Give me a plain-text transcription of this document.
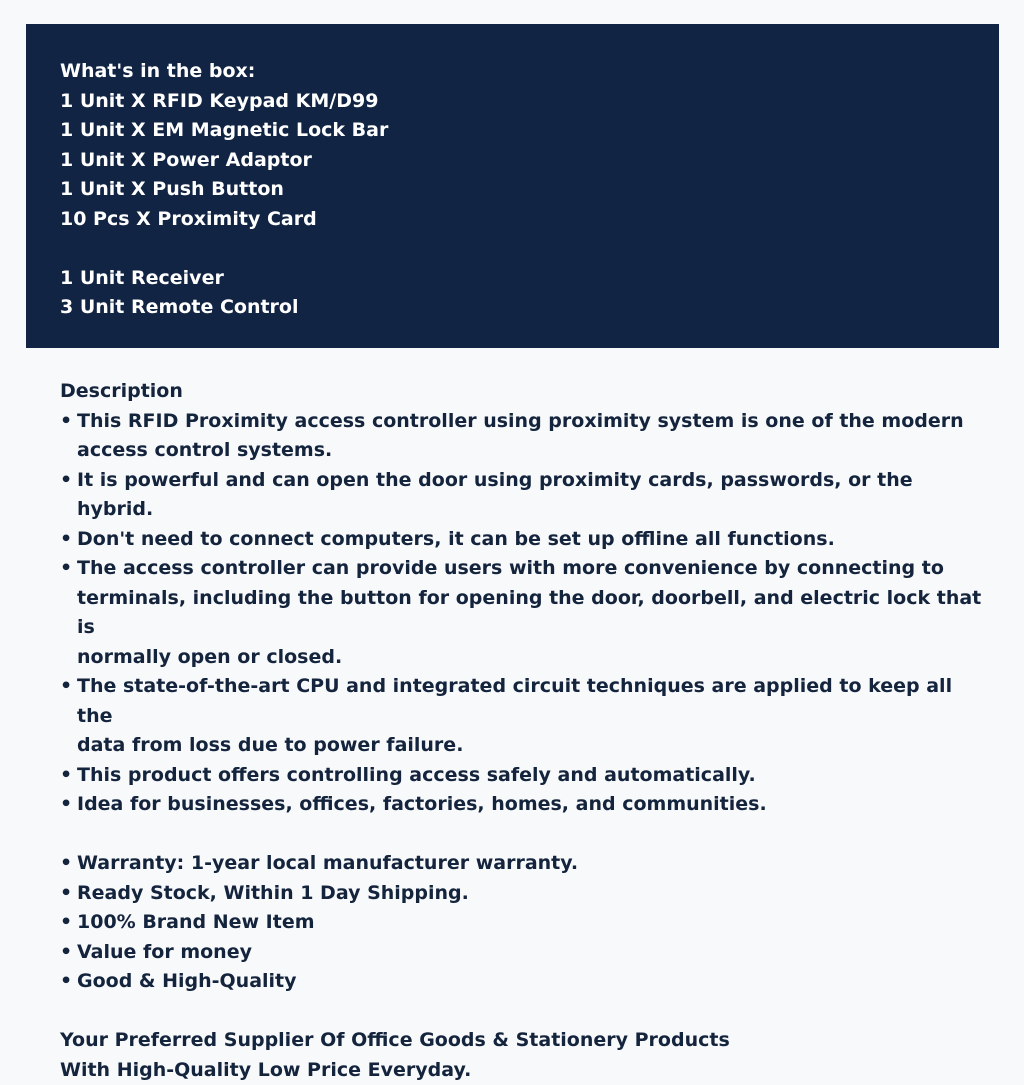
What's in the box:
1 Unit X RFID Keypad KM/D99
1 Unit X EM Magnetic Lock Bar
1 Unit X Power Adaptor
1 Unit X Push Button
10 Pcs X Proximity Card
1 Unit Receiver
3 Unit Remote Control
Description
• This RFID Proximity access controller using proximity system is one of the modern
access control systems.
• It is powerful and can open the door using proximity cards, passwords, or the hybrid.
• Don't need to connect computers, it can be set up offline all functions.
• The access controller can provide users with more convenience by connecting to
terminals, including the button for opening the door, doorbell, and electric lock that is
normally open or closed.
• The state-of-the-art CPU and integrated circuit techniques are applied to keep all the
data from loss due to power failure.
• This product offers controlling access safely and automatically.
• Idea for businesses, offices, factories, homes, and communities.
• Warranty: 1-year local manufacturer warranty.
• Ready Stock, Within 1 Day Shipping.
• 100% Brand New Item
• Value for money
• Good & High-Quality
Your Preferred Supplier Of Office Goods & Stationery Products
With High-Quality Low Price Everyday.
